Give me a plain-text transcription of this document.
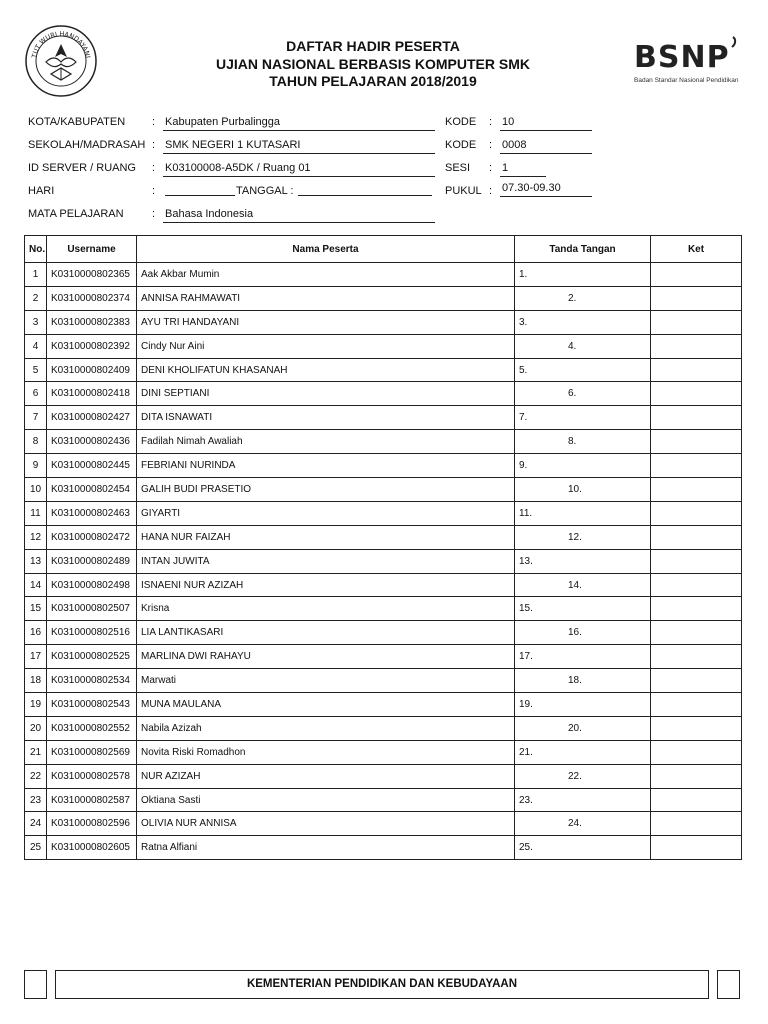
TUT WURI HANDAYANI
DAFTAR HADIR PESERTA
UJIAN NASIONAL BERBASIS KOMPUTER SMK
TAHUN PELAJARAN 2018/2019
BSNP
Badan Standar Nasional Pendidikan
KOTA/KABUPATEN : Kabupaten Purbalingga
SEKOLAH/MADRASAH : SMK NEGERI 1 KUTASARI
ID SERVER / RUANG : K03100008-A5DK / Ruang 01
HARI	:	TANGGAL :
MATA PELAJARAN	: Bahasa Indonesia
KODE : 10
KODE : 0008
SESI : 1
PUKUL : 07.30-09.30
No.	Username	Nama Peserta	Tanda Tangan	Ket
1	K0310000802365	Aak Akbar Mumin	1.	
2	K0310000802374	ANNISA RAHMAWATI	2.	
3	K0310000802383	AYU TRI HANDAYANI	3.	
4	K0310000802392	Cindy Nur Aini	4.	
5	K0310000802409	DENI KHOLIFATUN KHASANAH	5.	
6	K0310000802418	DINI SEPTIANI	6.	
7	K0310000802427	DITA ISNAWATI	7.	
8	K0310000802436	Fadilah Nimah Awaliah	8.	
9	K0310000802445	FEBRIANI NURINDA	9.	
10	K0310000802454	GALIH BUDI PRASETIO	10.	
11	K0310000802463	GIYARTI	11.	
12	K0310000802472	HANA NUR FAIZAH	12.	
13	K0310000802489	INTAN JUWITA	13.	
14	K0310000802498	ISNAENI NUR AZIZAH	14.	
15	K0310000802507	Krisna	15.	
16	K0310000802516	LIA LANTIKASARI	16.	
17	K0310000802525	MARLINA DWI RAHAYU	17.	
18	K0310000802534	Marwati	18.	
19	K0310000802543	MUNA MAULANA	19.	
20	K0310000802552	Nabila Azizah	20.	
21	K0310000802569	Novita Riski Romadhon	21.	
22	K0310000802578	NUR AZIZAH	22.	
23	K0310000802587	Oktiana Sasti	23.	
24	K0310000802596	OLIVIA NUR ANNISA	24.	
25	K0310000802605	Ratna Alfiani	25.	
KEMENTERIAN PENDIDIKAN DAN KEBUDAYAAN
